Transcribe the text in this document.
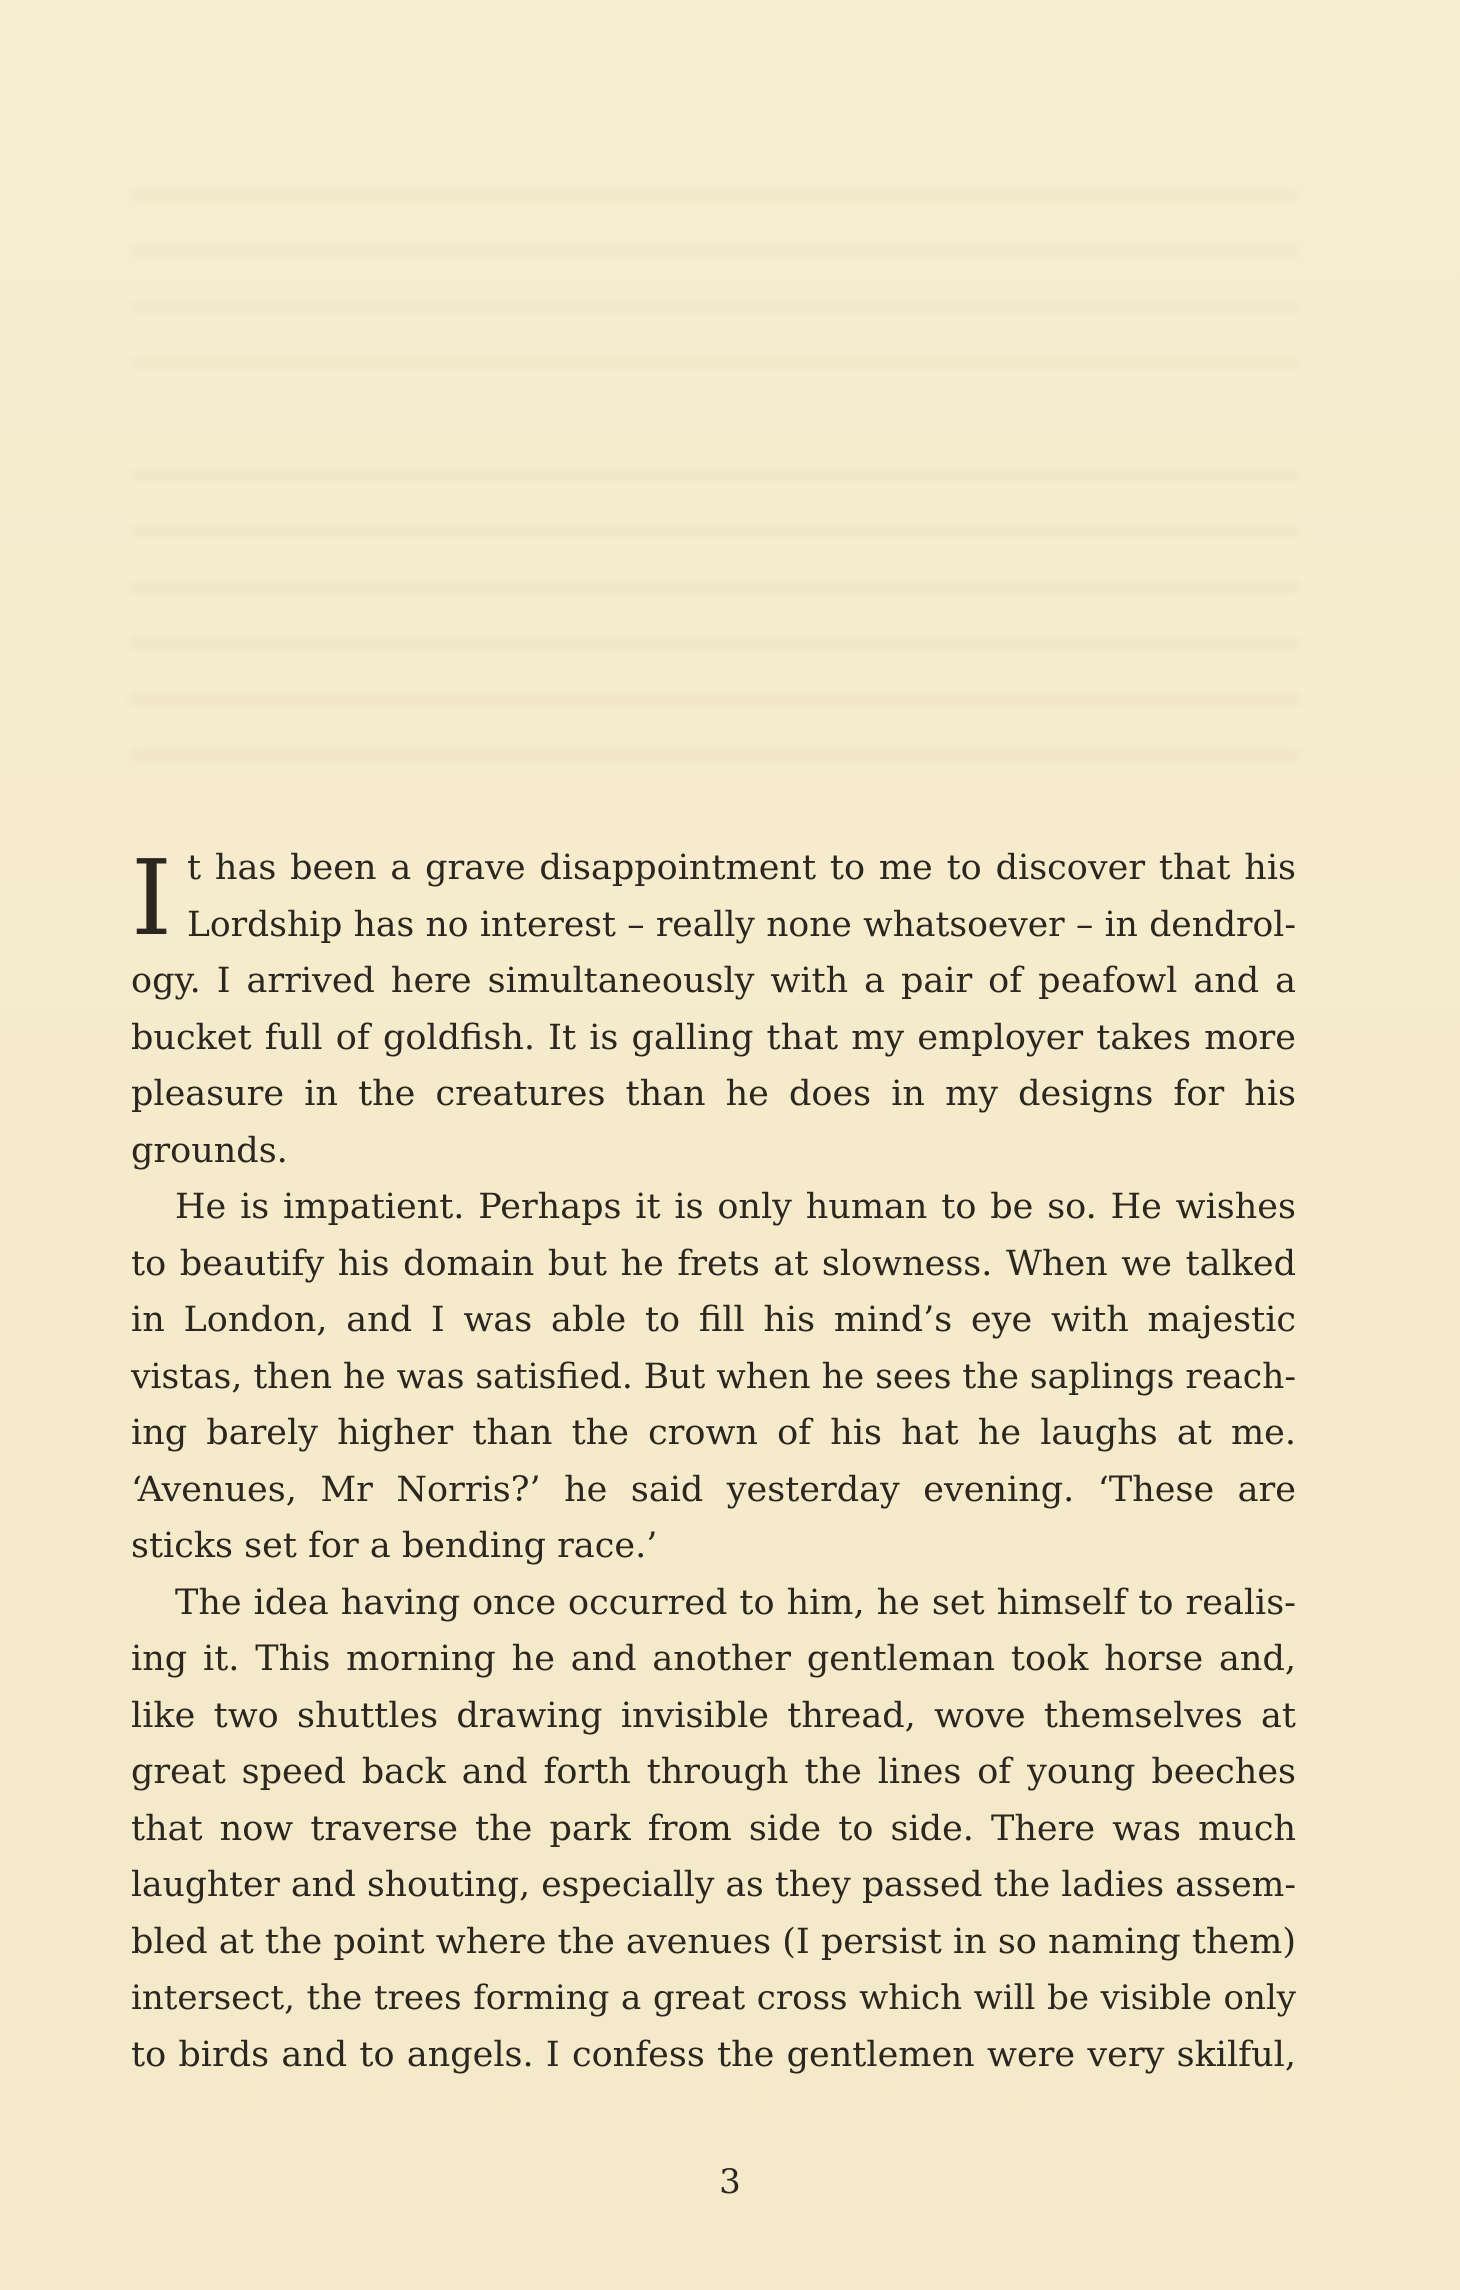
I t has been a grave disappointment to me to discover that his
Lordship has no interest – really none whatsoever – in dendrol-
ogy. I arrived here simultaneously with a pair of peafowl and a
bucket full of goldfish. It is galling that my employer takes more
pleasure in the creatures than he does in my designs for his
grounds.
He is impatient. Perhaps it is only human to be so. He wishes
to beautify his domain but he frets at slowness. When we talked
in London, and I was able to fill his mind’s eye with majestic
vistas, then he was satisfied. But when he sees the saplings reach-
ing barely higher than the crown of his hat he laughs at me.
‘Avenues, Mr Norris?’ he said yesterday evening. ‘These are
sticks set for a bending race.’
The idea having once occurred to him, he set himself to realis-
ing it. This morning he and another gentleman took horse and,
like two shuttles drawing invisible thread, wove themselves at
great speed back and forth through the lines of young beeches
that now traverse the park from side to side. There was much
laughter and shouting, especially as they passed the ladies assem-
bled at the point where the avenues (I persist in so naming them)
intersect, the trees forming a great cross which will be visible only
to birds and to angels. I confess the gentlemen were very skilful,
3
